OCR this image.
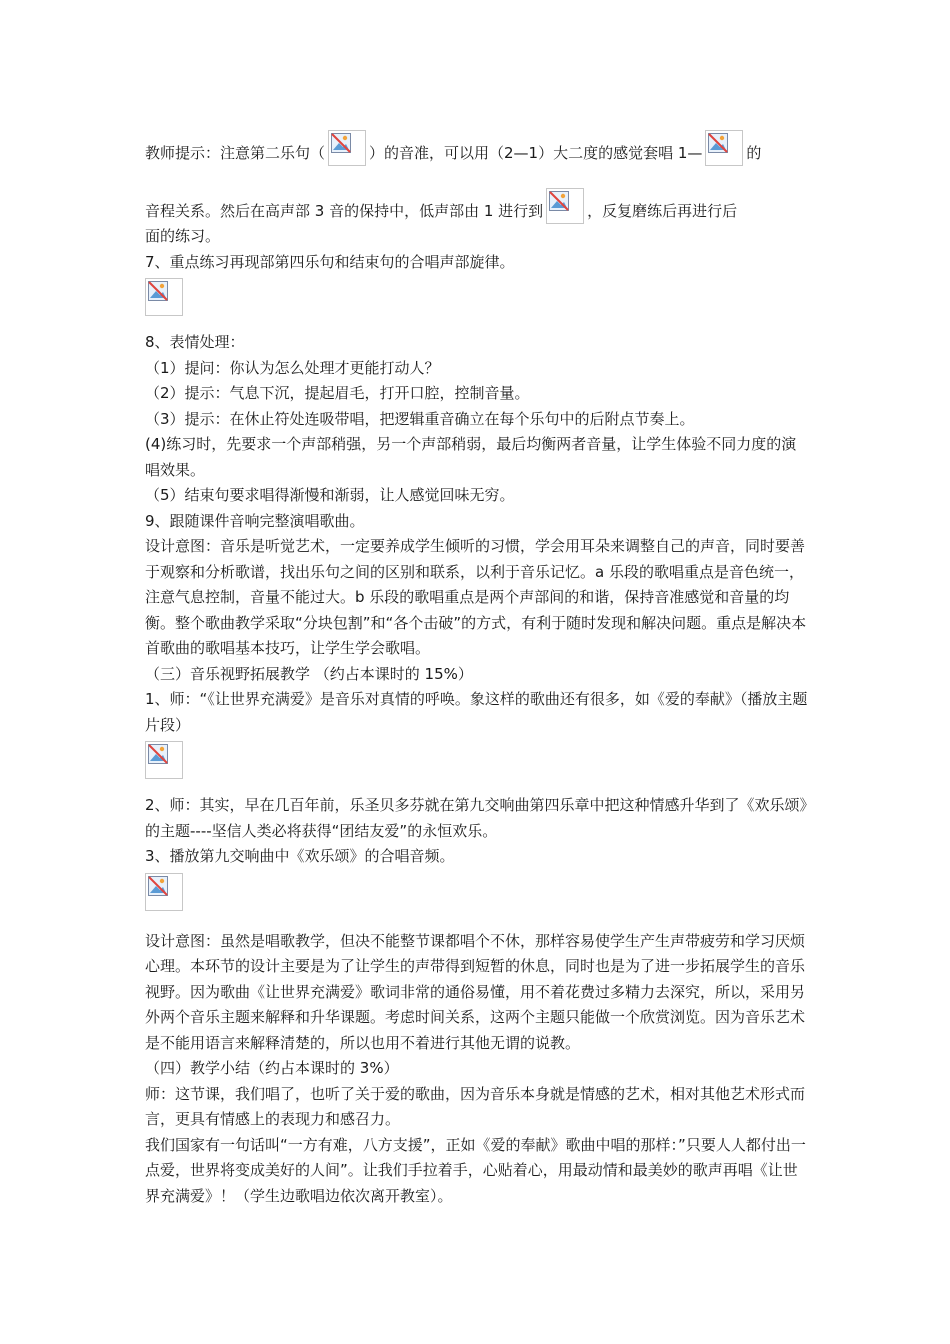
教师提示：注意第二乐句（	）的音准，可以用（2—1）大二度的感觉套唱 1—	的
音程关系。然后在高声部 3 音的保持中，低声部由 1 进行到	，反复磨练后再进行后

面的练习。

7、重点练习再现部第四乐句和结束句的合唱声部旋律。

8、表情处理：

（1）提问：你认为怎么处理才更能打动人？

（2）提示：气息下沉，提起眉毛，打开口腔，控制音量。

（3）提示：在休止符处连吸带唱，把逻辑重音确立在每个乐句中的后附点节奏上。

(4)练习时，先要求一个声部稍强，另一个声部稍弱，最后均衡两者音量，让学生体验不同力度的演唱效果。

（5）结束句要求唱得渐慢和渐弱，让人感觉回味无穷。

9、跟随课件音响完整演唱歌曲。

设计意图：音乐是听觉艺术，一定要养成学生倾听的习惯，学会用耳朵来调整自己的声音，同时要善于观察和分析歌谱，找出乐句之间的区别和联系，以利于音乐记忆。a 乐段的歌唱重点是音色统一，注意气息控制，音量不能过大。b 乐段的歌唱重点是两个声部间的和谐，保持音准感觉和音量的均衡。整个歌曲教学采取“分块包割”和“各个击破”的方式，有利于随时发现和解决问题。重点是解决本首歌曲的歌唱基本技巧，让学生学会歌唱。

（三）音乐视野拓展教学 （约占本课时的 15%）

1、师：“《让世界充满爱》是音乐对真情的呼唤。象这样的歌曲还有很多，如《爱的奉献》（播放主题片段）

2、师：其实，早在几百年前，乐圣贝多芬就在第九交响曲第四乐章中把这种情感升华到了《欢乐颂》的主题----坚信人类必将获得“团结友爱”的永恒欢乐。

3、播放第九交响曲中《欢乐颂》的合唱音频。

设计意图：虽然是唱歌教学，但决不能整节课都唱个不休，那样容易使学生产生声带疲劳和学习厌烦心理。本环节的设计主要是为了让学生的声带得到短暂的休息，同时也是为了进一步拓展学生的音乐视野。因为歌曲《让世界充满爱》歌词非常的通俗易懂，用不着花费过多精力去深究，所以，采用另外两个音乐主题来解释和升华课题。考虑时间关系，这两个主题只能做一个欣赏浏览。因为音乐艺术是不能用语言来解释清楚的，所以也用不着进行其他无谓的说教。

（四）教学小结（约占本课时的 3%）

师：这节课，我们唱了，也听了关于爱的歌曲，因为音乐本身就是情感的艺术，相对其他艺术形式而言，更具有情感上的表现力和感召力。

我们国家有一句话叫“一方有难，八方支援”，正如《爱的奉献》歌曲中唱的那样：”只要人人都付出一点爱，世界将变成美好的人间”。让我们手拉着手，心贴着心，用最动情和最美妙的歌声再唱《让世界充满爱》！（学生边歌唱边依次离开教室）。
